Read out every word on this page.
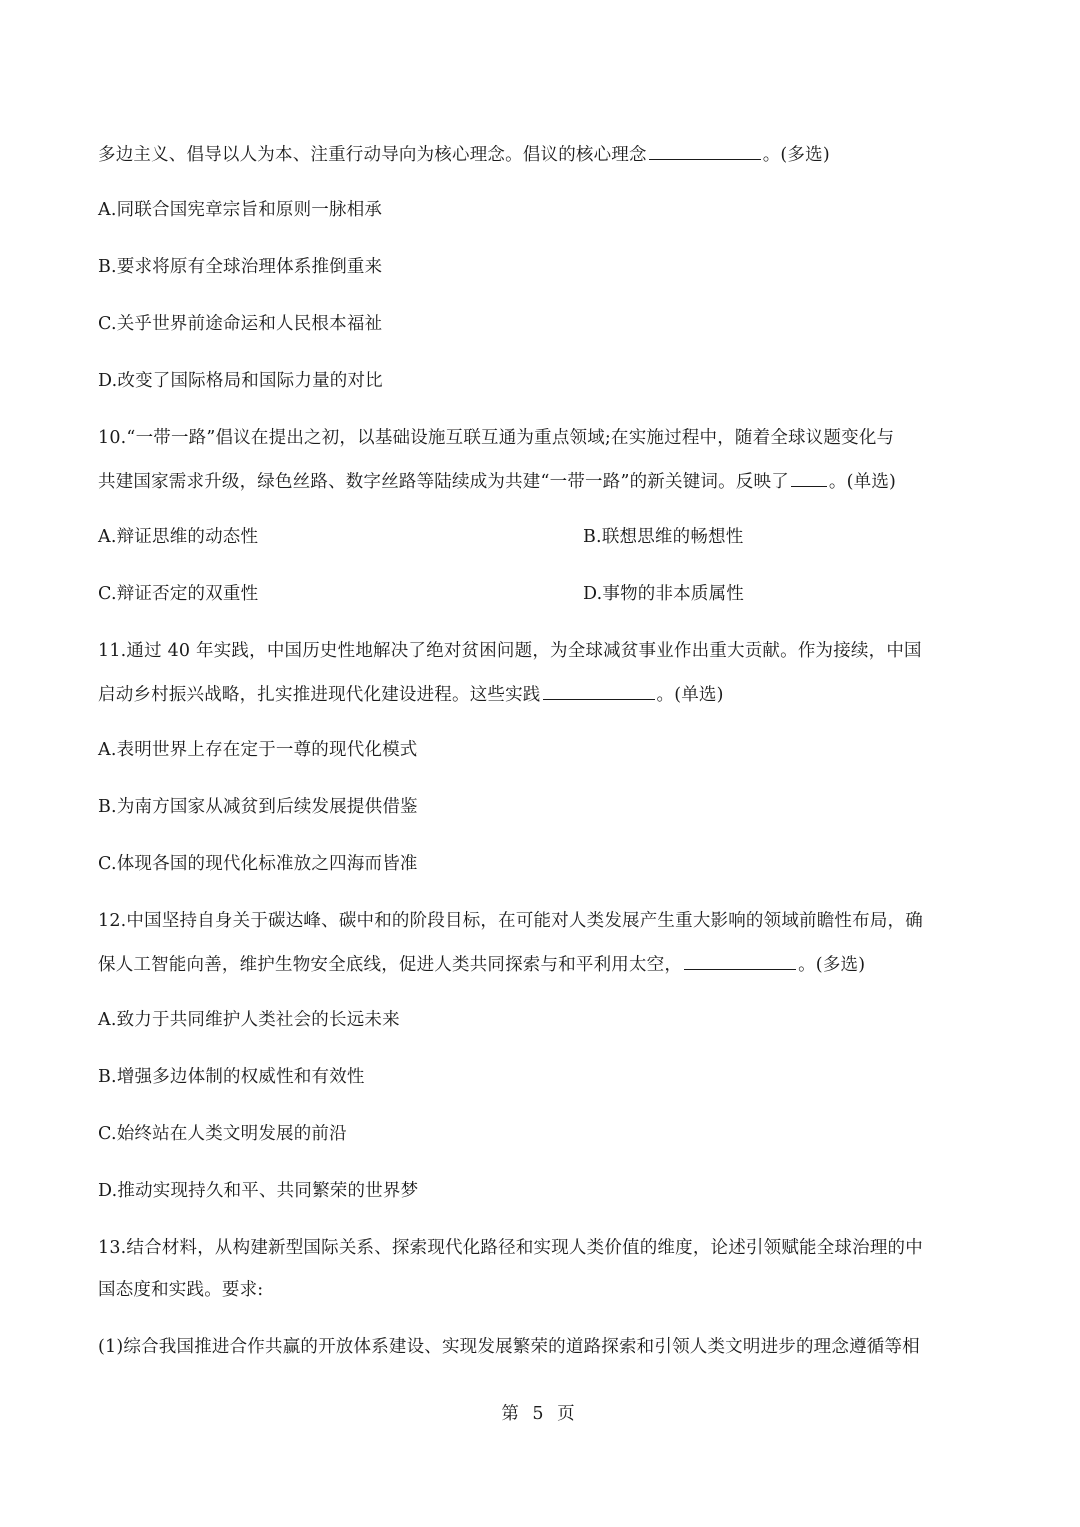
多边主义、倡导以人为本、注重行动导向为核心理念。倡议的核心理念	。(多选)
A.同联合国宪章宗旨和原则一脉相承
B.要求将原有全球治理体系推倒重来
C.关乎世界前途命运和人民根本福祉
D.改变了国际格局和国际力量的对比
10.“一带一路”倡议在提出之初，以基础设施互联互通为重点领域;在实施过程中，随着全球议题变化与
共建国家需求升级，绿色丝路、数字丝路等陆续成为共建“一带一路”的新关键词。反映了 。(单选)
A.辩证思维的动态性	B.联想思维的畅想性
C.辩证否定的双重性	D.事物的非本质属性
11.通过 40 年实践，中国历史性地解决了绝对贫困问题，为全球减贫事业作出重大贡献。作为接续，中国
启动乡村振兴战略，扎实推进现代化建设进程。这些实践	。(单选)
A.表明世界上存在定于一尊的现代化模式
B.为南方国家从减贫到后续发展提供借鉴
C.体现各国的现代化标准放之四海而皆准
12.中国坚持自身关于碳达峰、碳中和的阶段目标，在可能对人类发展产生重大影响的领域前瞻性布局，确
保人工智能向善，维护生物安全底线，促进人类共同探索与和平利用太空，	。(多选)
A.致力于共同维护人类社会的长远未来
B.增强多边体制的权威性和有效性
C.始终站在人类文明发展的前沿
D.推动实现持久和平、共同繁荣的世界梦
13.结合材料，从构建新型国际关系、探索现代化路径和实现人类价值的维度，论述引领赋能全球治理的中
国态度和实践。要求:
(1)综合我国推进合作共赢的开放体系建设、实现发展繁荣的道路探索和引领人类文明进步的理念遵循等相
第 5 页
